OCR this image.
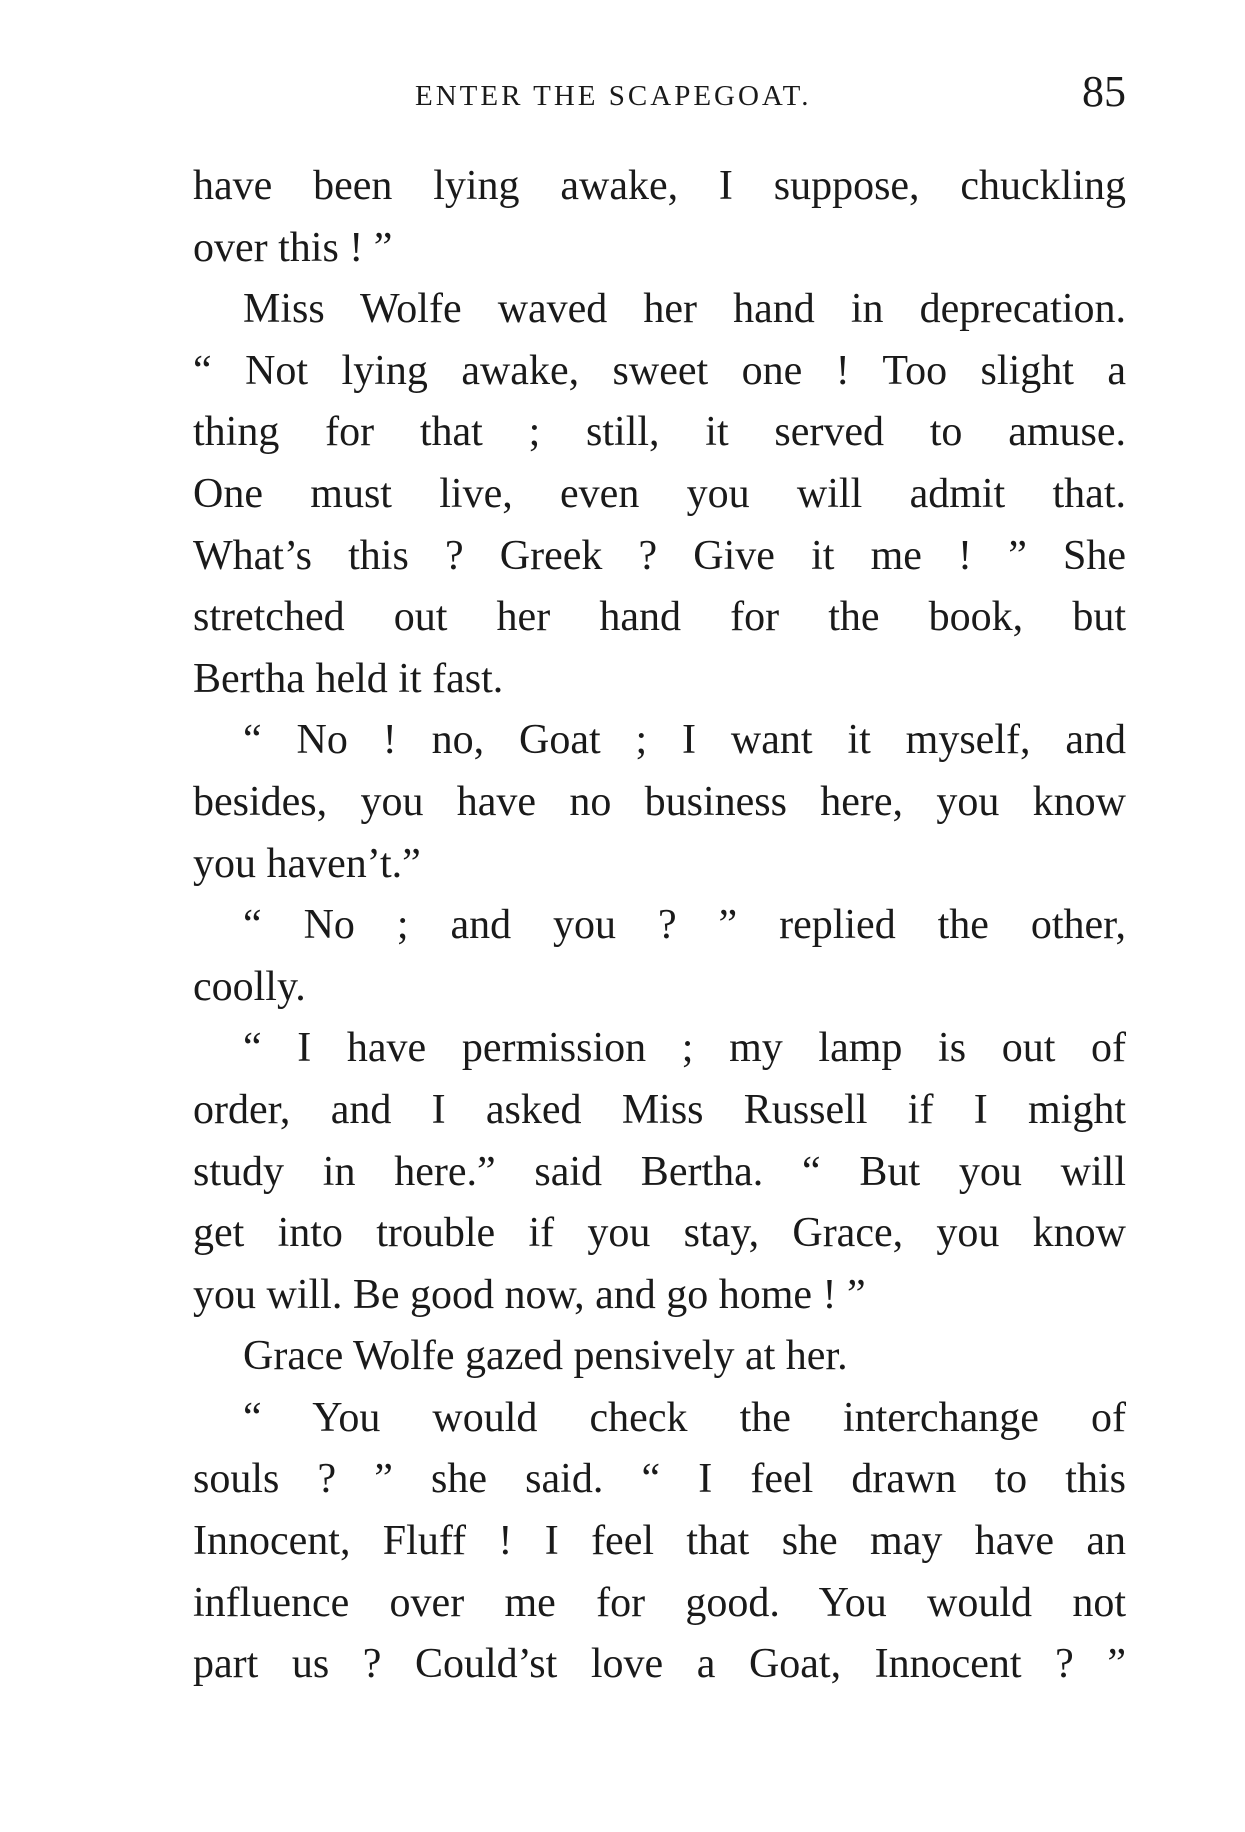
ENTER THE SCAPEGOAT.	85
have been lying awake, I suppose, chuckling
over this ! ”
Miss Wolfe waved her hand in deprecation.
“ Not lying awake, sweet one ! Too slight a
thing for that ; still, it served to amuse.
One must live, even you will admit that.
What’s this ? Greek ? Give it me ! ” She
stretched out her hand for the book, but
Bertha held it fast.
“ No ! no, Goat ; I want it myself, and
besides, you have no business here, you know
you haven’t.”
“ No ; and you ? ” replied the other,
coolly.
“ I have permission ; my lamp is out of
order, and I asked Miss Russell if I might
study in here.” said Bertha. “ But you will
get into trouble if you stay, Grace, you know
you will. Be good now, and go home ! ”
Grace Wolfe gazed pensively at her.
“ You would check the interchange of
souls ? ” she said. “ I feel drawn to this
Innocent, Fluff ! I feel that she may have an
influence over me for good. You would not
part us ? Could’st love a Goat, Innocent ? ”
